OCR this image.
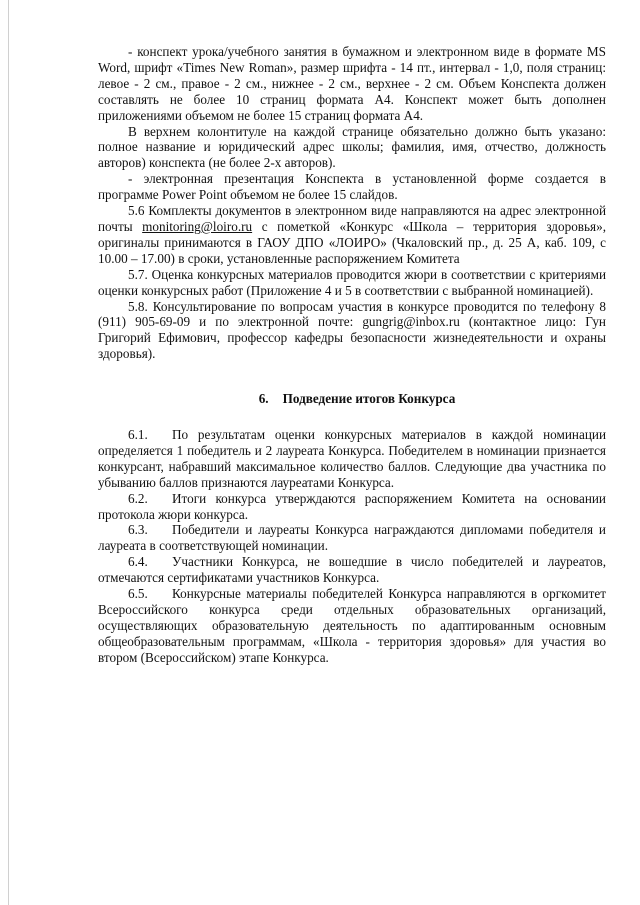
- конспект урока/учебного занятия в бумажном и электронном виде в формате MS Word, шрифт «Times New Roman», размер шрифта - 14 пт., интервал - 1,0, поля страниц: левое - 2 см., правое - 2 см., нижнее - 2 см., верхнее - 2 см. Объем Конспекта должен составлять не более 10 страниц формата А4. Конспект может быть дополнен приложениями объемом не более 15 страниц формата А4.

В верхнем колонтитуле на каждой странице обязательно должно быть указано: полное название и юридический адрес школы; фамилия, имя, отчество, должность авторов) конспекта (не более 2-х авторов).

- электронная презентация Конспекта в установленной форме создается в программе Power Point объемом не более 15 слайдов.

5.6 Комплекты документов в электронном виде направляются на адрес электронной почты monitoring@loiro.ru с пометкой «Конкурс «Школа – территория здоровья», оригиналы принимаются в ГАОУ ДПО «ЛОИРО» (Чкаловский пр., д. 25 А, каб. 109, с 10.00 – 17.00) в сроки, установленные распоряжением Комитета

5.7. Оценка конкурсных материалов проводится жюри в соответствии с критериями оценки конкурсных работ (Приложение 4 и 5 в соответствии с выбранной номинацией).

5.8. Консультирование по вопросам участия в конкурсе проводится по телефону 8 (911) 905-69-09 и по электронной почте: gungrig@inbox.ru (контактное лицо: Гун Григорий Ефимович, профессор кафедры безопасности жизнедеятельности и охраны здоровья).

6. Подведение итогов Конкурса

6.1. По результатам оценки конкурсных материалов в каждой номинации определяется 1 победитель и 2 лауреата Конкурса. Победителем в номинации признается конкурсант, набравший максимальное количество баллов. Следующие два участника по убыванию баллов признаются лауреатами Конкурса.

6.2. Итоги конкурса утверждаются распоряжением Комитета на основании протокола жюри конкурса.

6.3. Победители и лауреаты Конкурса награждаются дипломами победителя и лауреата в соответствующей номинации.

6.4. Участники Конкурса, не вошедшие в число победителей и лауреатов, отмечаются сертификатами участников Конкурса.

6.5. Конкурсные материалы победителей Конкурса направляются в оргкомитет Всероссийского конкурса среди отдельных образовательных организаций, осуществляющих образовательную деятельность по адаптированным основным общеобразовательным программам, «Школа - территория здоровья» для участия во втором (Всероссийском) этапе Конкурса.
